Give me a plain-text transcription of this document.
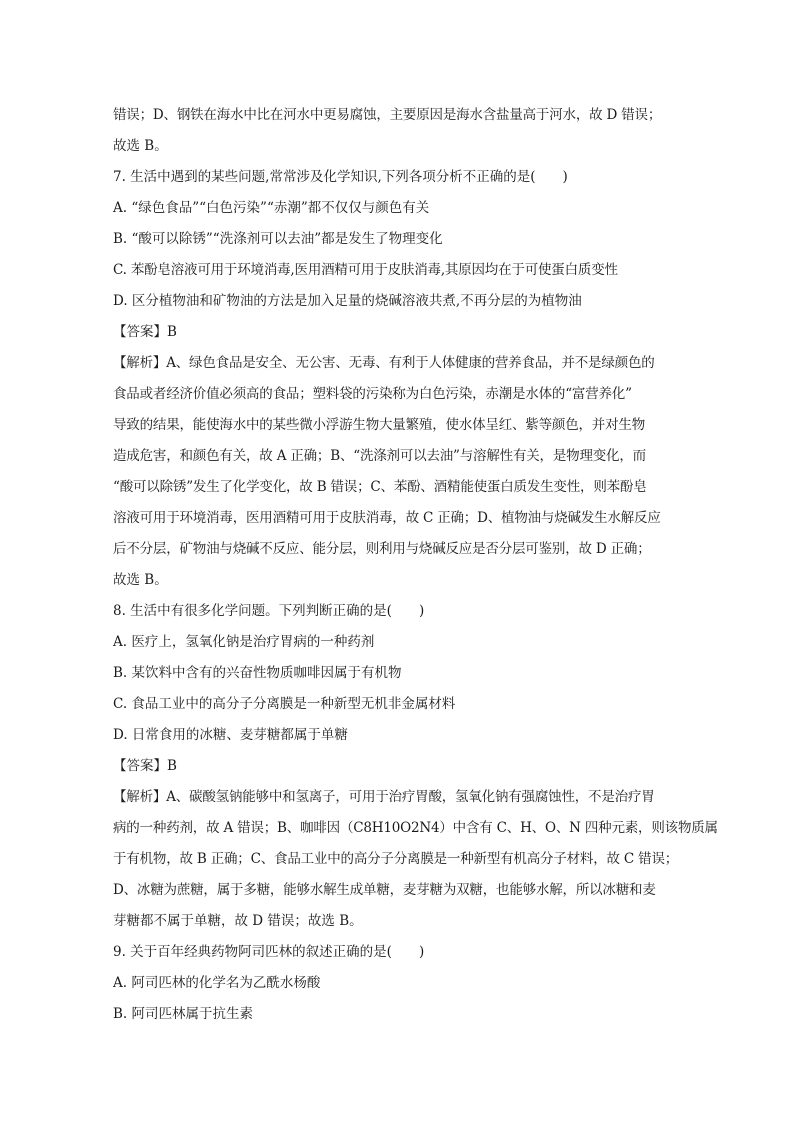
错误；D、钢铁在海水中比在河水中更易腐蚀，主要原因是海水含盐量高于河水，故 D 错误；
故选 B。
7. 生活中遇到的某些问题,常常涉及化学知识,下列各项分析不正确的是(　　)
A. “绿色食品”“白色污染”“赤潮”都不仅仅与颜色有关
B. “酸可以除锈”“洗涤剂可以去油”都是发生了物理变化
C. 苯酚皂溶液可用于环境消毒,医用酒精可用于皮肤消毒,其原因均在于可使蛋白质变性
D. 区分植物油和矿物油的方法是加入足量的烧碱溶液共煮,不再分层的为植物油
【答案】B
【解析】A、绿色食品是安全、无公害、无毒、有利于人体健康的营养食品，并不是绿颜色的
食品或者经济价值必须高的食品；塑料袋的污染称为白色污染，赤潮是水体的“富营养化”
导致的结果，能使海水中的某些微小浮游生物大量繁殖，使水体呈红、紫等颜色，并对生物
造成危害，和颜色有关，故 A 正确；B、“洗涤剂可以去油”与溶解性有关，是物理变化，而
“酸可以除锈”发生了化学变化，故 B 错误；C、苯酚、酒精能使蛋白质发生变性，则苯酚皂
溶液可用于环境消毒，医用酒精可用于皮肤消毒，故 C 正确；D、植物油与烧碱发生水解反应
后不分层，矿物油与烧碱不反应、能分层，则利用与烧碱反应是否分层可鉴别，故 D 正确；
故选 B。
8. 生活中有很多化学问题。下列判断正确的是(　　)
A. 医疗上，氢氧化钠是治疗胃病的一种药剂
B. 某饮料中含有的兴奋性物质咖啡因属于有机物
C. 食品工业中的高分子分离膜是一种新型无机非金属材料
D. 日常食用的冰糖、麦芽糖都属于单糖
【答案】B
【解析】A、碳酸氢钠能够中和氢离子，可用于治疗胃酸，氢氧化钠有强腐蚀性，不是治疗胃
病的一种药剂，故 A 错误；B、咖啡因（C8H10O2N4）中含有 C、H、O、N 四种元素，则该物质属
于有机物，故 B 正确；C、食品工业中的高分子分离膜是一种新型有机高分子材料，故 C 错误；
D、冰糖为蔗糖，属于多糖，能够水解生成单糖，麦芽糖为双糖，也能够水解，所以冰糖和麦
芽糖都不属于单糖，故 D 错误；故选 B。
9. 关于百年经典药物阿司匹林的叙述正确的是(　　)
A. 阿司匹林的化学名为乙酰水杨酸
B. 阿司匹林属于抗生素
